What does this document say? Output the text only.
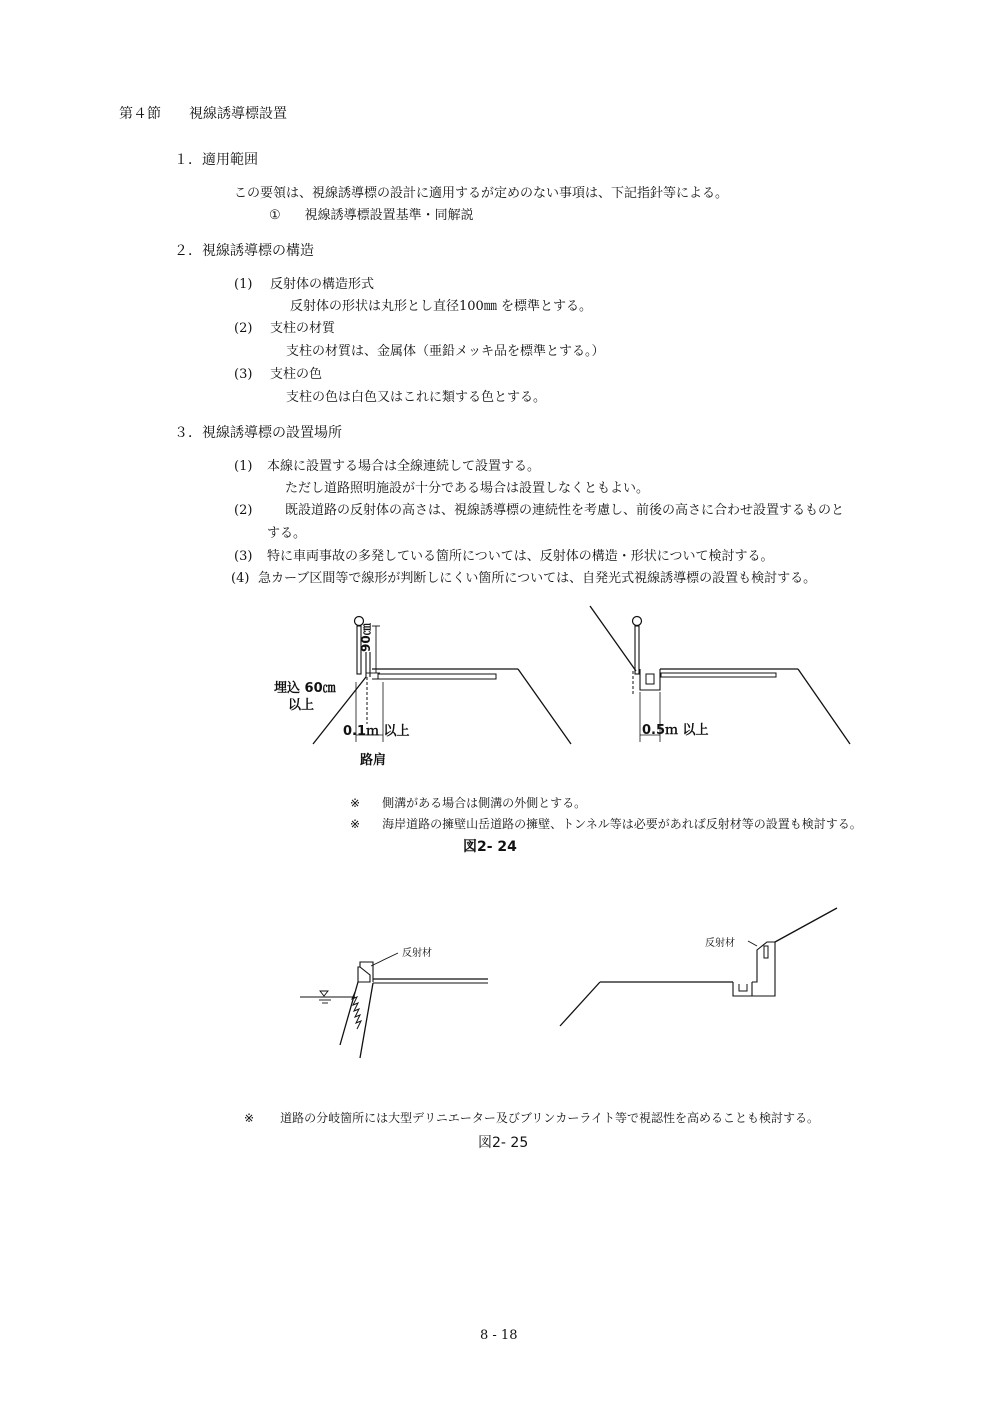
第４節 視線誘導標設置
１．適用範囲
この要領は、視線誘導標の設計に適用するが定めのない事項は、下記指針等による。
① 視線誘導標設置基準・同解説
２．視線誘導標の構造
(1) 反射体の構造形式
反射体の形状は丸形とし直径100㎜ を標準とする。
(2) 支柱の材質
支柱の材質は、金属体（亜鉛メッキ品を標準とする。）
(3) 支柱の色
支柱の色は白色又はこれに類する色とする。
３．視線誘導標の設置場所
(1) 本線に設置する場合は全線連続して設置する。
ただし道路照明施設が十分である場合は設置しなくともよい。
(2)	既設道路の反射体の高さは、視線誘導標の連続性を考慮し、前後の高さに合わせ設置するものと
する。
(3) 特に車両事故の多発している箇所については、反射体の構造・形状について検討する。
(4) 急カーブ区間等で線形が判断しにくい箇所については、自発光式視線誘導標の設置も検討する。
90㎝
埋込 60㎝
以上
0.1ｍ 以上
路肩
0.5ｍ 以上
※ 側溝がある場合は側溝の外側とする。
※ 海岸道路の擁壁山岳道路の擁壁、トンネル等は必要があれば反射材等の設置も検討する。
図2- 24
反射材
反射材
※ 道路の分岐箇所には大型デリニエーター及びブリンカーライト等で視認性を高めることも検討する。
図2- 25
8 - 18
